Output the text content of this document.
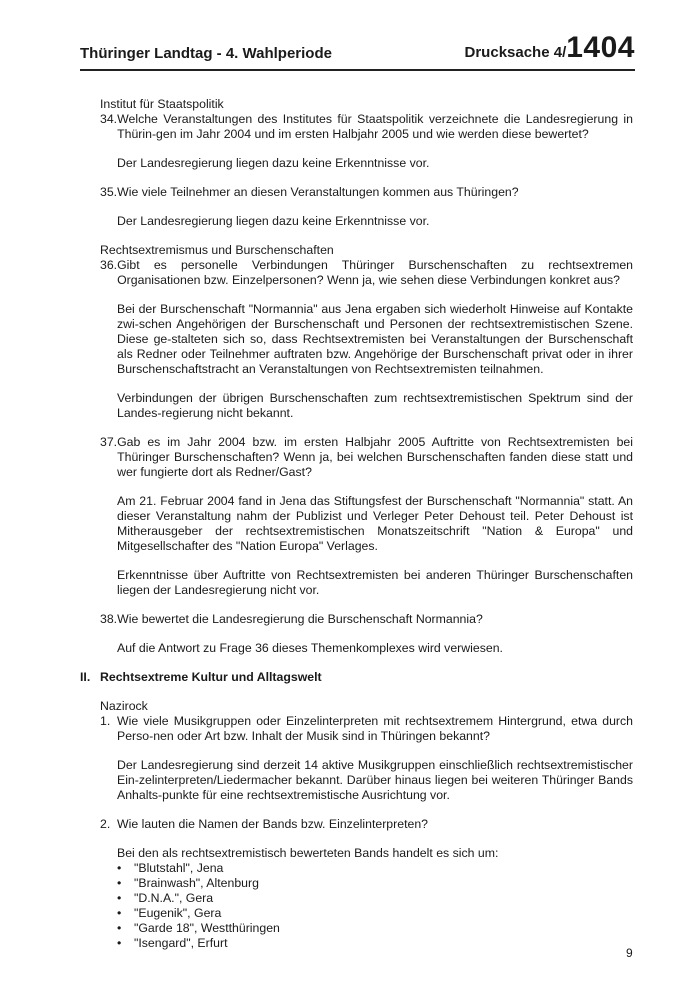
Thüringer Landtag - 4. Wahlperiode	Drucksache 4/1404
Institut für Staatspolitik
34. Welche Veranstaltungen des Institutes für Staatspolitik verzeichnete die Landesregierung in Thürin-gen im Jahr 2004 und im ersten Halbjahr 2005 und wie werden diese bewertet?
Der Landesregierung liegen dazu keine Erkenntnisse vor.
35. Wie viele Teilnehmer an diesen Veranstaltungen kommen aus Thüringen?
Der Landesregierung liegen dazu keine Erkenntnisse vor.
Rechtsextremismus und Burschenschaften
36. Gibt es personelle Verbindungen Thüringer Burschenschaften zu rechtsextremen Organisationen bzw. Einzelpersonen? Wenn ja, wie sehen diese Verbindungen konkret aus?
Bei der Burschenschaft "Normannia" aus Jena ergaben sich wiederholt Hinweise auf Kontakte zwi-schen Angehörigen der Burschenschaft und Personen der rechtsextremistischen Szene. Diese ge-stalteten sich so, dass Rechtsextremisten bei Veranstaltungen der Burschenschaft als Redner oder Teilnehmer auftraten bzw. Angehörige der Burschenschaft privat oder in ihrer Burschenschaftstracht an Veranstaltungen von Rechtsextremisten teilnahmen.
Verbindungen der übrigen Burschenschaften zum rechtsextremistischen Spektrum sind der Landes-regierung nicht bekannt.
37. Gab es im Jahr 2004 bzw. im ersten Halbjahr 2005 Auftritte von Rechtsextremisten bei Thüringer Burschenschaften? Wenn ja, bei welchen Burschenschaften fanden diese statt und wer fungierte dort als Redner/Gast?
Am 21. Februar 2004 fand in Jena das Stiftungsfest der Burschenschaft "Normannia" statt. An dieser Veranstaltung nahm der Publizist und Verleger Peter Dehoust teil. Peter Dehoust ist Mitherausgeber der rechtsextremistischen Monatszeitschrift "Nation & Europa" und Mitgesellschafter des "Nation Europa" Verlages.
Erkenntnisse über Auftritte von Rechtsextremisten bei anderen Thüringer Burschenschaften liegen der Landesregierung nicht vor.
38. Wie bewertet die Landesregierung die Burschenschaft Normannia?
Auf die Antwort zu Frage 36 dieses Themenkomplexes wird verwiesen.
II. Rechtsextreme Kultur und Alltagswelt
Nazirock
1. Wie viele Musikgruppen oder Einzelinterpreten mit rechtsextremem Hintergrund, etwa durch Perso-nen oder Art bzw. Inhalt der Musik sind in Thüringen bekannt?
Der Landesregierung sind derzeit 14 aktive Musikgruppen einschließlich rechtsextremistischer Ein-zelinterpreten/Liedermacher bekannt. Darüber hinaus liegen bei weiteren Thüringer Bands Anhalts-punkte für eine rechtsextremistische Ausrichtung vor.
2. Wie lauten die Namen der Bands bzw. Einzelinterpreten?
Bei den als rechtsextremistisch bewerteten Bands handelt es sich um:
•	"Blutstahl", Jena
•	"Brainwash", Altenburg
•	"D.N.A.", Gera
•	"Eugenik", Gera
•	"Garde 18", Westthüringen
•	"Isengard", Erfurt
9
